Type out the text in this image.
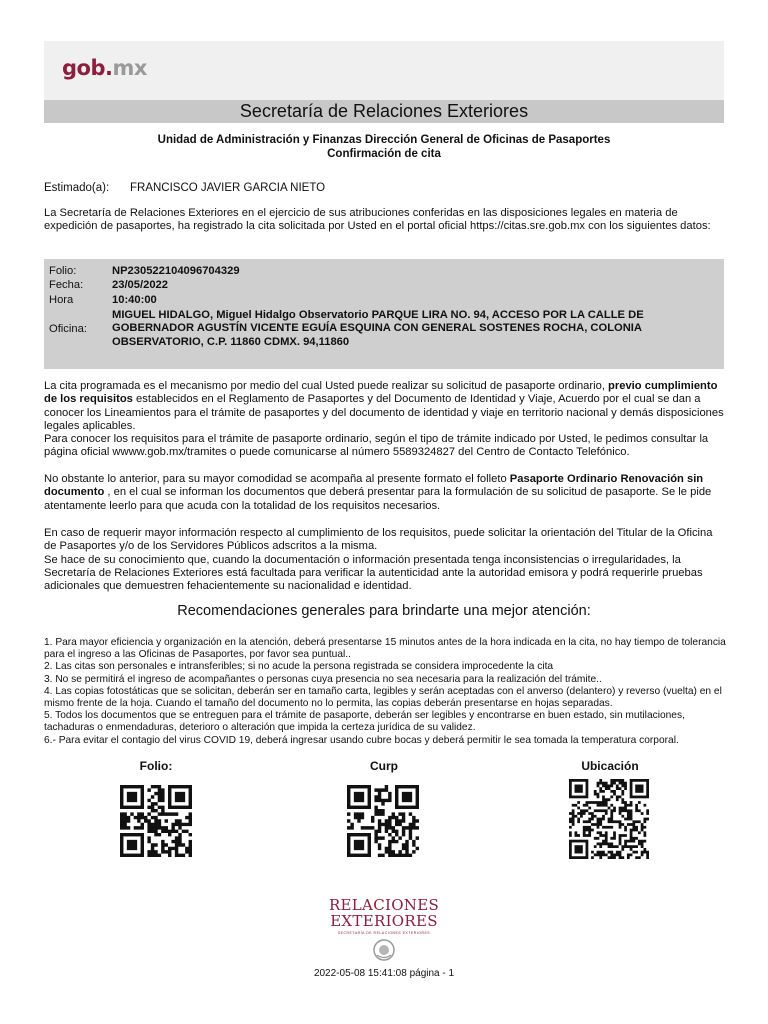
gob.mx
Secretaría de Relaciones Exteriores
Unidad de Administración y Finanzas Dirección General de Oficinas de Pasaportes
Confirmación de cita
Estimado(a): FRANCISCO JAVIER GARCIA NIETO
La Secretaría de Relaciones Exteriores en el ejercicio de sus atribuciones conferidas en las disposiciones legales en materia de expedición de pasaportes, ha registrado la cita solicitada por Usted en el portal oficial https://citas.sre.gob.mx con los siguientes datos:
Folio:	NP230522104096704329
Fecha:	23/05/2022
Hora	10:40:00
Oficina:
MIGUEL HIDALGO, Miguel Hidalgo Observatorio PARQUE LIRA NO. 94, ACCESO POR LA CALLE DE GOBERNADOR AGUSTÍN VICENTE EGUÍA ESQUINA CON GENERAL SOSTENES ROCHA, COLONIA OBSERVATORIO, C.P. 11860 CDMX. 94,11860
La cita programada es el mecanismo por medio del cual Usted puede realizar su solicitud de pasaporte ordinario, previo cumplimiento de los requisitos establecidos en el Reglamento de Pasaportes y del Documento de Identidad y Viaje, Acuerdo por el cual se dan a conocer los Lineamientos para el trámite de pasaportes y del documento de identidad y viaje en territorio nacional y demás disposiciones legales aplicables.
Para conocer los requisitos para el trámite de pasaporte ordinario, según el tipo de trámite indicado por Usted, le pedimos consultar la página oficial wwww.gob.mx/tramites o puede comunicarse al número 5589324827 del Centro de Contacto Telefónico.
No obstante lo anterior, para su mayor comodidad se acompaña al presente formato el folleto Pasaporte Ordinario Renovación sin documento , en el cual se informan los documentos que deberá presentar para la formulación de su solicitud de pasaporte. Se le pide atentamente leerlo para que acuda con la totalidad de los requisitos necesarios.
En caso de requerir mayor información respecto al cumplimiento de los requisitos, puede solicitar la orientación del Titular de la Oficina de Pasaportes y/o de los Servidores Públicos adscritos a la misma.
Se hace de su conocimiento que, cuando la documentación o información presentada tenga inconsistencias o irregularidades, la Secretaría de Relaciones Exteriores está facultada para verificar la autenticidad ante la autoridad emisora y podrá requerirle pruebas adicionales que demuestren fehacientemente su nacionalidad e identidad.
Recomendaciones generales para brindarte una mejor atención:
1. Para mayor eficiencia y organización en la atención, deberá presentarse 15 minutos antes de la hora indicada en la cita, no hay tiempo de tolerancia para el ingreso a las Oficinas de Pasaportes, por favor sea puntual..
2. Las citas son personales e intransferibles; si no acude la persona registrada se considera improcedente la cita
3. No se permitirá el ingreso de acompañantes o personas cuya presencia no sea necesaria para la realización del trámite..
4. Las copias fotostáticas que se solicitan, deberán ser en tamaño carta, legibles y serán aceptadas con el anverso (delantero) y reverso (vuelta) en el mismo frente de la hoja. Cuando el tamaño del documento no lo permita, las copias deberán presentarse en hojas separadas.
5. Todos los documentos que se entreguen para el trámite de pasaporte, deberán ser legibles y encontrarse en buen estado, sin mutilaciones, tachaduras o enmendaduras, deterioro o alteración que impida la certeza jurídica de su validez.
6.- Para evitar el contagio del virus COVID 19, deberá ingresar usando cubre bocas y deberá permitir le sea tomada la temperatura corporal.
Folio:	Curp	Ubicación
RELACIONES
EXTERIORES
SECRETARÍA DE RELACIONES EXTERIORES
2022-05-08 15:41:08 página - 1
